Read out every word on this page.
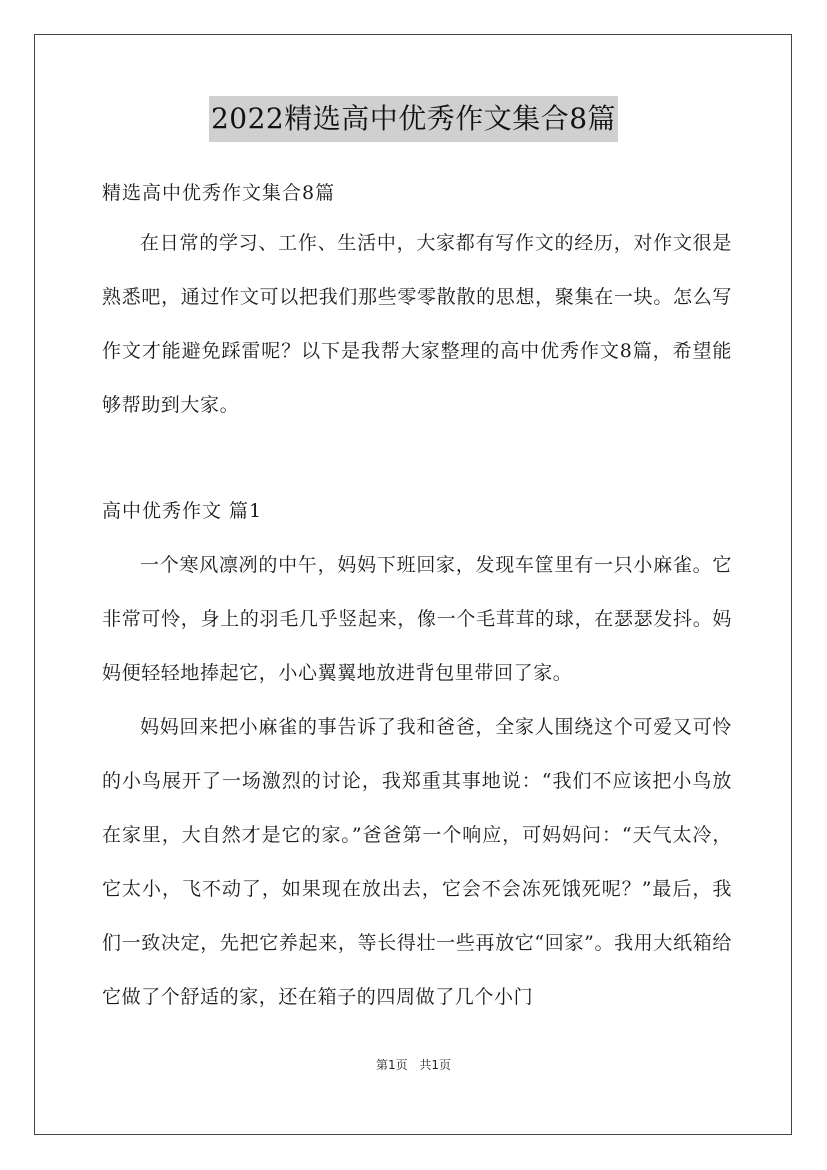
2022精选高中优秀作文集合8篇

精选高中优秀作文集合8篇

在日常的学习、工作、生活中，大家都有写作文的经历，对作文很是熟悉吧，通过作文可以把我们那些零零散散的思想，聚集在一块。怎么写作文才能避免踩雷呢？以下是我帮大家整理的高中优秀作文8篇，希望能够帮助到大家。

高中优秀作文 篇1

一个寒风凛冽的中午，妈妈下班回家，发现车筐里有一只小麻雀。它非常可怜，身上的羽毛几乎竖起来，像一个毛茸茸的球，在瑟瑟发抖。妈妈便轻轻地捧起它，小心翼翼地放进背包里带回了家。

妈妈回来把小麻雀的事告诉了我和爸爸，全家人围绕这个可爱又可怜的小鸟展开了一场激烈的讨论，我郑重其事地说：“我们不应该把小鸟放在家里，大自然才是它的家。”爸爸第一个响应，可妈妈问：“天气太冷，它太小，飞不动了，如果现在放出去，它会不会冻死饿死呢？”最后，我们一致决定，先把它养起来，等长得壮一些再放它“回家”。我用大纸箱给它做了个舒适的家，还在箱子的四周做了几个小门

第1页 共1页
